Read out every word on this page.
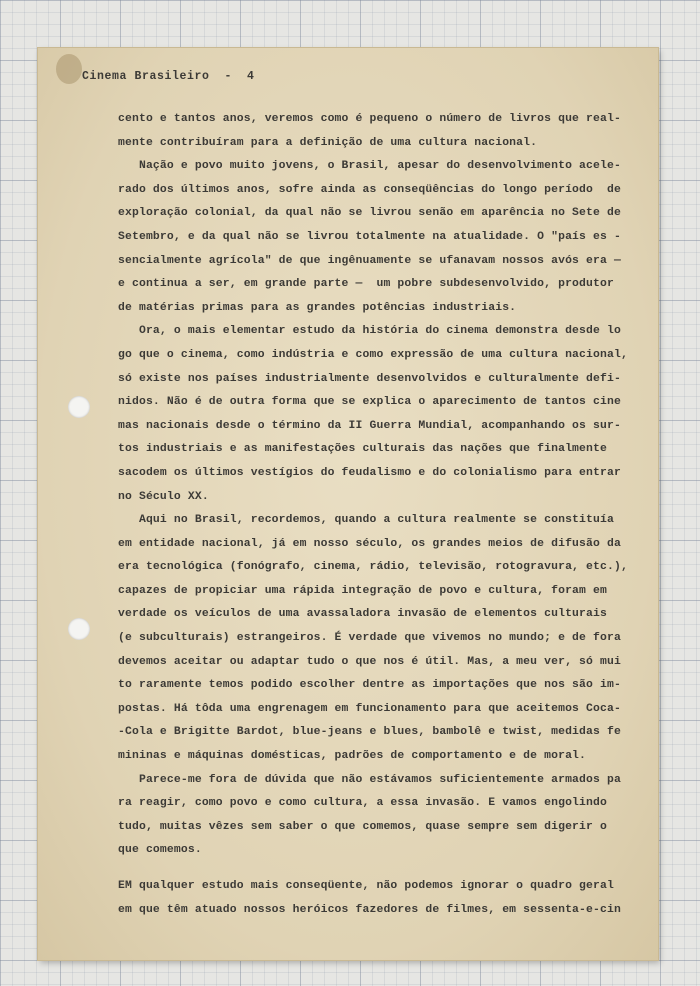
Cinema Brasileiro  -  4
cento e tantos anos, veremos como é pequeno o número de livros que real-
mente contribuíram para a definição de uma cultura nacional.
Nação e povo muito jovens, o Brasil, apesar do desenvolvimento acele-
rado dos últimos anos, sofre ainda as conseqüências do longo período  de
exploração colonial, da qual não se livrou senão em aparência no Sete de
Setembro, e da qual não se livrou totalmente na atualidade. O "país es -
sencialmente agrícola" de que ingênuamente se ufanavam nossos avós era —
e continua a ser, em grande parte —  um pobre subdesenvolvido, produtor
de matérias primas para as grandes potências industriais.
Ora, o mais elementar estudo da história do cinema demonstra desde lo
go que o cinema, como indústria e como expressão de uma cultura nacional,
só existe nos países industrialmente desenvolvidos e culturalmente defi-
nidos. Não é de outra forma que se explica o aparecimento de tantos cine
mas nacionais desde o término da II Guerra Mundial, acompanhando os sur-
tos industriais e as manifestações culturais das nações que finalmente
sacodem os últimos vestígios do feudalismo e do colonialismo para entrar
no Século XX.
Aqui no Brasil, recordemos, quando a cultura realmente se constituía
em entidade nacional, já em nosso século, os grandes meios de difusão da
era tecnológica (fonógrafo, cinema, rádio, televisão, rotogravura, etc.),
capazes de propiciar uma rápida integração de povo e cultura, foram em
verdade os veículos de uma avassaladora invasão de elementos culturais
(e subculturais) estrangeiros. É verdade que vivemos no mundo; e de fora
devemos aceitar ou adaptar tudo o que nos é útil. Mas, a meu ver, só mui
to raramente temos podido escolher dentre as importações que nos são im-
postas. Há tôda uma engrenagem em funcionamento para que aceitemos Coca-
-Cola e Brigitte Bardot, blue-jeans e blues, bambolê e twist, medidas fe
mininas e máquinas domésticas, padrões de comportamento e de moral.
Parece-me fora de dúvida que não estávamos suficientemente armados pa
ra reagir, como povo e como cultura, a essa invasão. E vamos engolindo
tudo, muitas vêzes sem saber o que comemos, quase sempre sem digerir o
que comemos.
EM qualquer estudo mais conseqüente, não podemos ignorar o quadro geral
em que têm atuado nossos heróicos fazedores de filmes, em sessenta-e-cin
